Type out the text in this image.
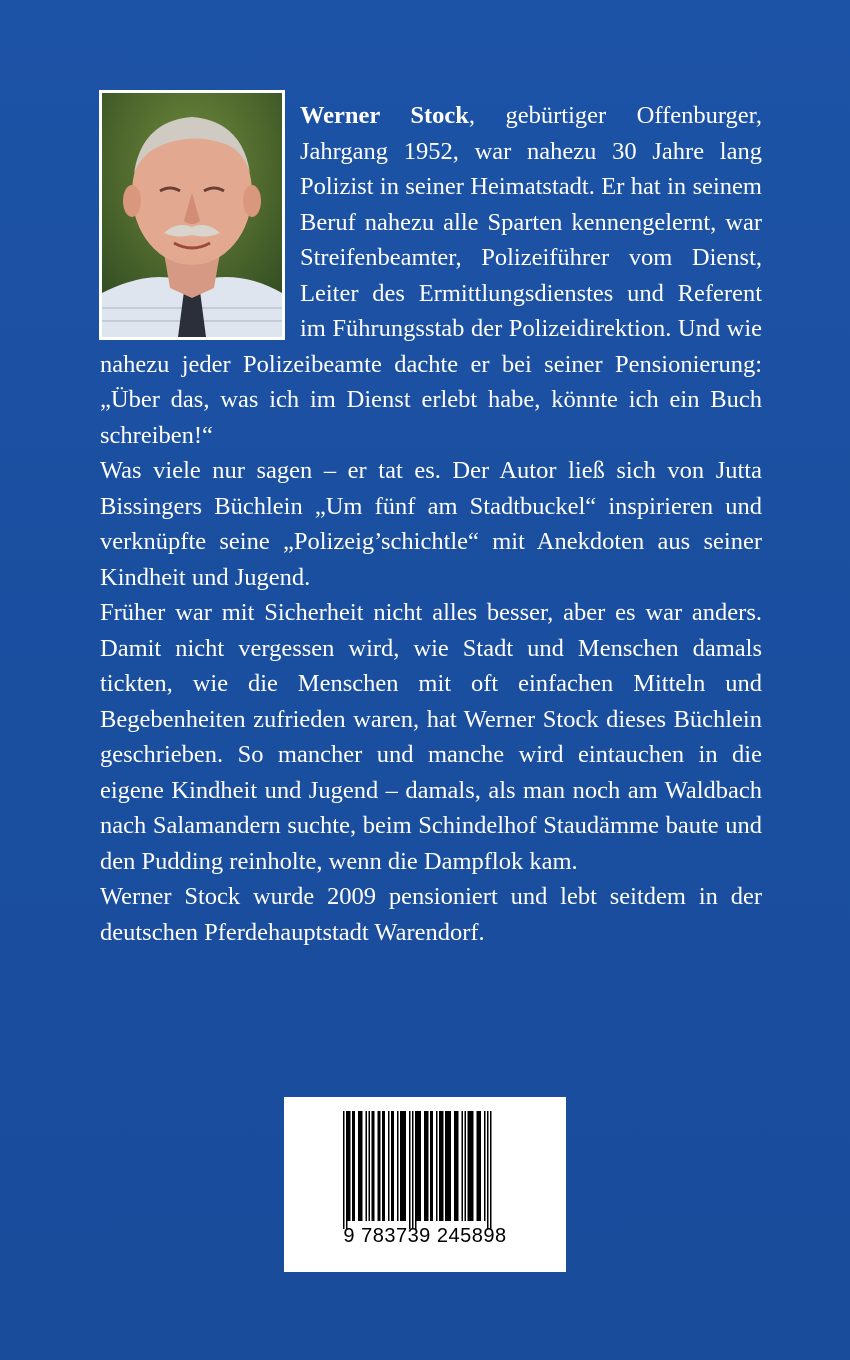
Werner Stock, gebürtiger Offenburger, Jahrgang 1952, war nahezu 30 Jahre lang Polizist in seiner Heimatstadt. Er hat in seinem Beruf nahezu alle Sparten kennengelernt, war Streifenbeamter, Polizeiführer vom Dienst, Leiter des Ermittlungsdienstes und Referent im Führungsstab der Polizeidirektion. Und wie nahezu jeder Polizeibeamte dachte er bei seiner Pensionierung: „Über das, was ich im Dienst erlebt habe, könnte ich ein Buch schreiben!“

Was viele nur sagen – er tat es. Der Autor ließ sich von Jutta Bissingers Büchlein „Um fünf am Stadtbuckel“ inspirieren und verknüpfte seine „Polizeig’schichtle“ mit Anekdoten aus seiner Kindheit und Jugend.

Früher war mit Sicherheit nicht alles besser, aber es war anders. Damit nicht vergessen wird, wie Stadt und Menschen damals tickten, wie die Menschen mit oft einfachen Mitteln und Begebenheiten zufrieden waren, hat Werner Stock dieses Büchlein geschrieben. So mancher und manche wird eintauchen in die eigene Kindheit und Jugend – damals, als man noch am Waldbach nach Salamandern suchte, beim Schindelhof Staudämme baute und den Pudding reinholte, wenn die Dampflok kam.

Werner Stock wurde 2009 pensioniert und lebt seitdem in der deutschen Pferdehauptstadt Warendorf.

9 783739 245898
